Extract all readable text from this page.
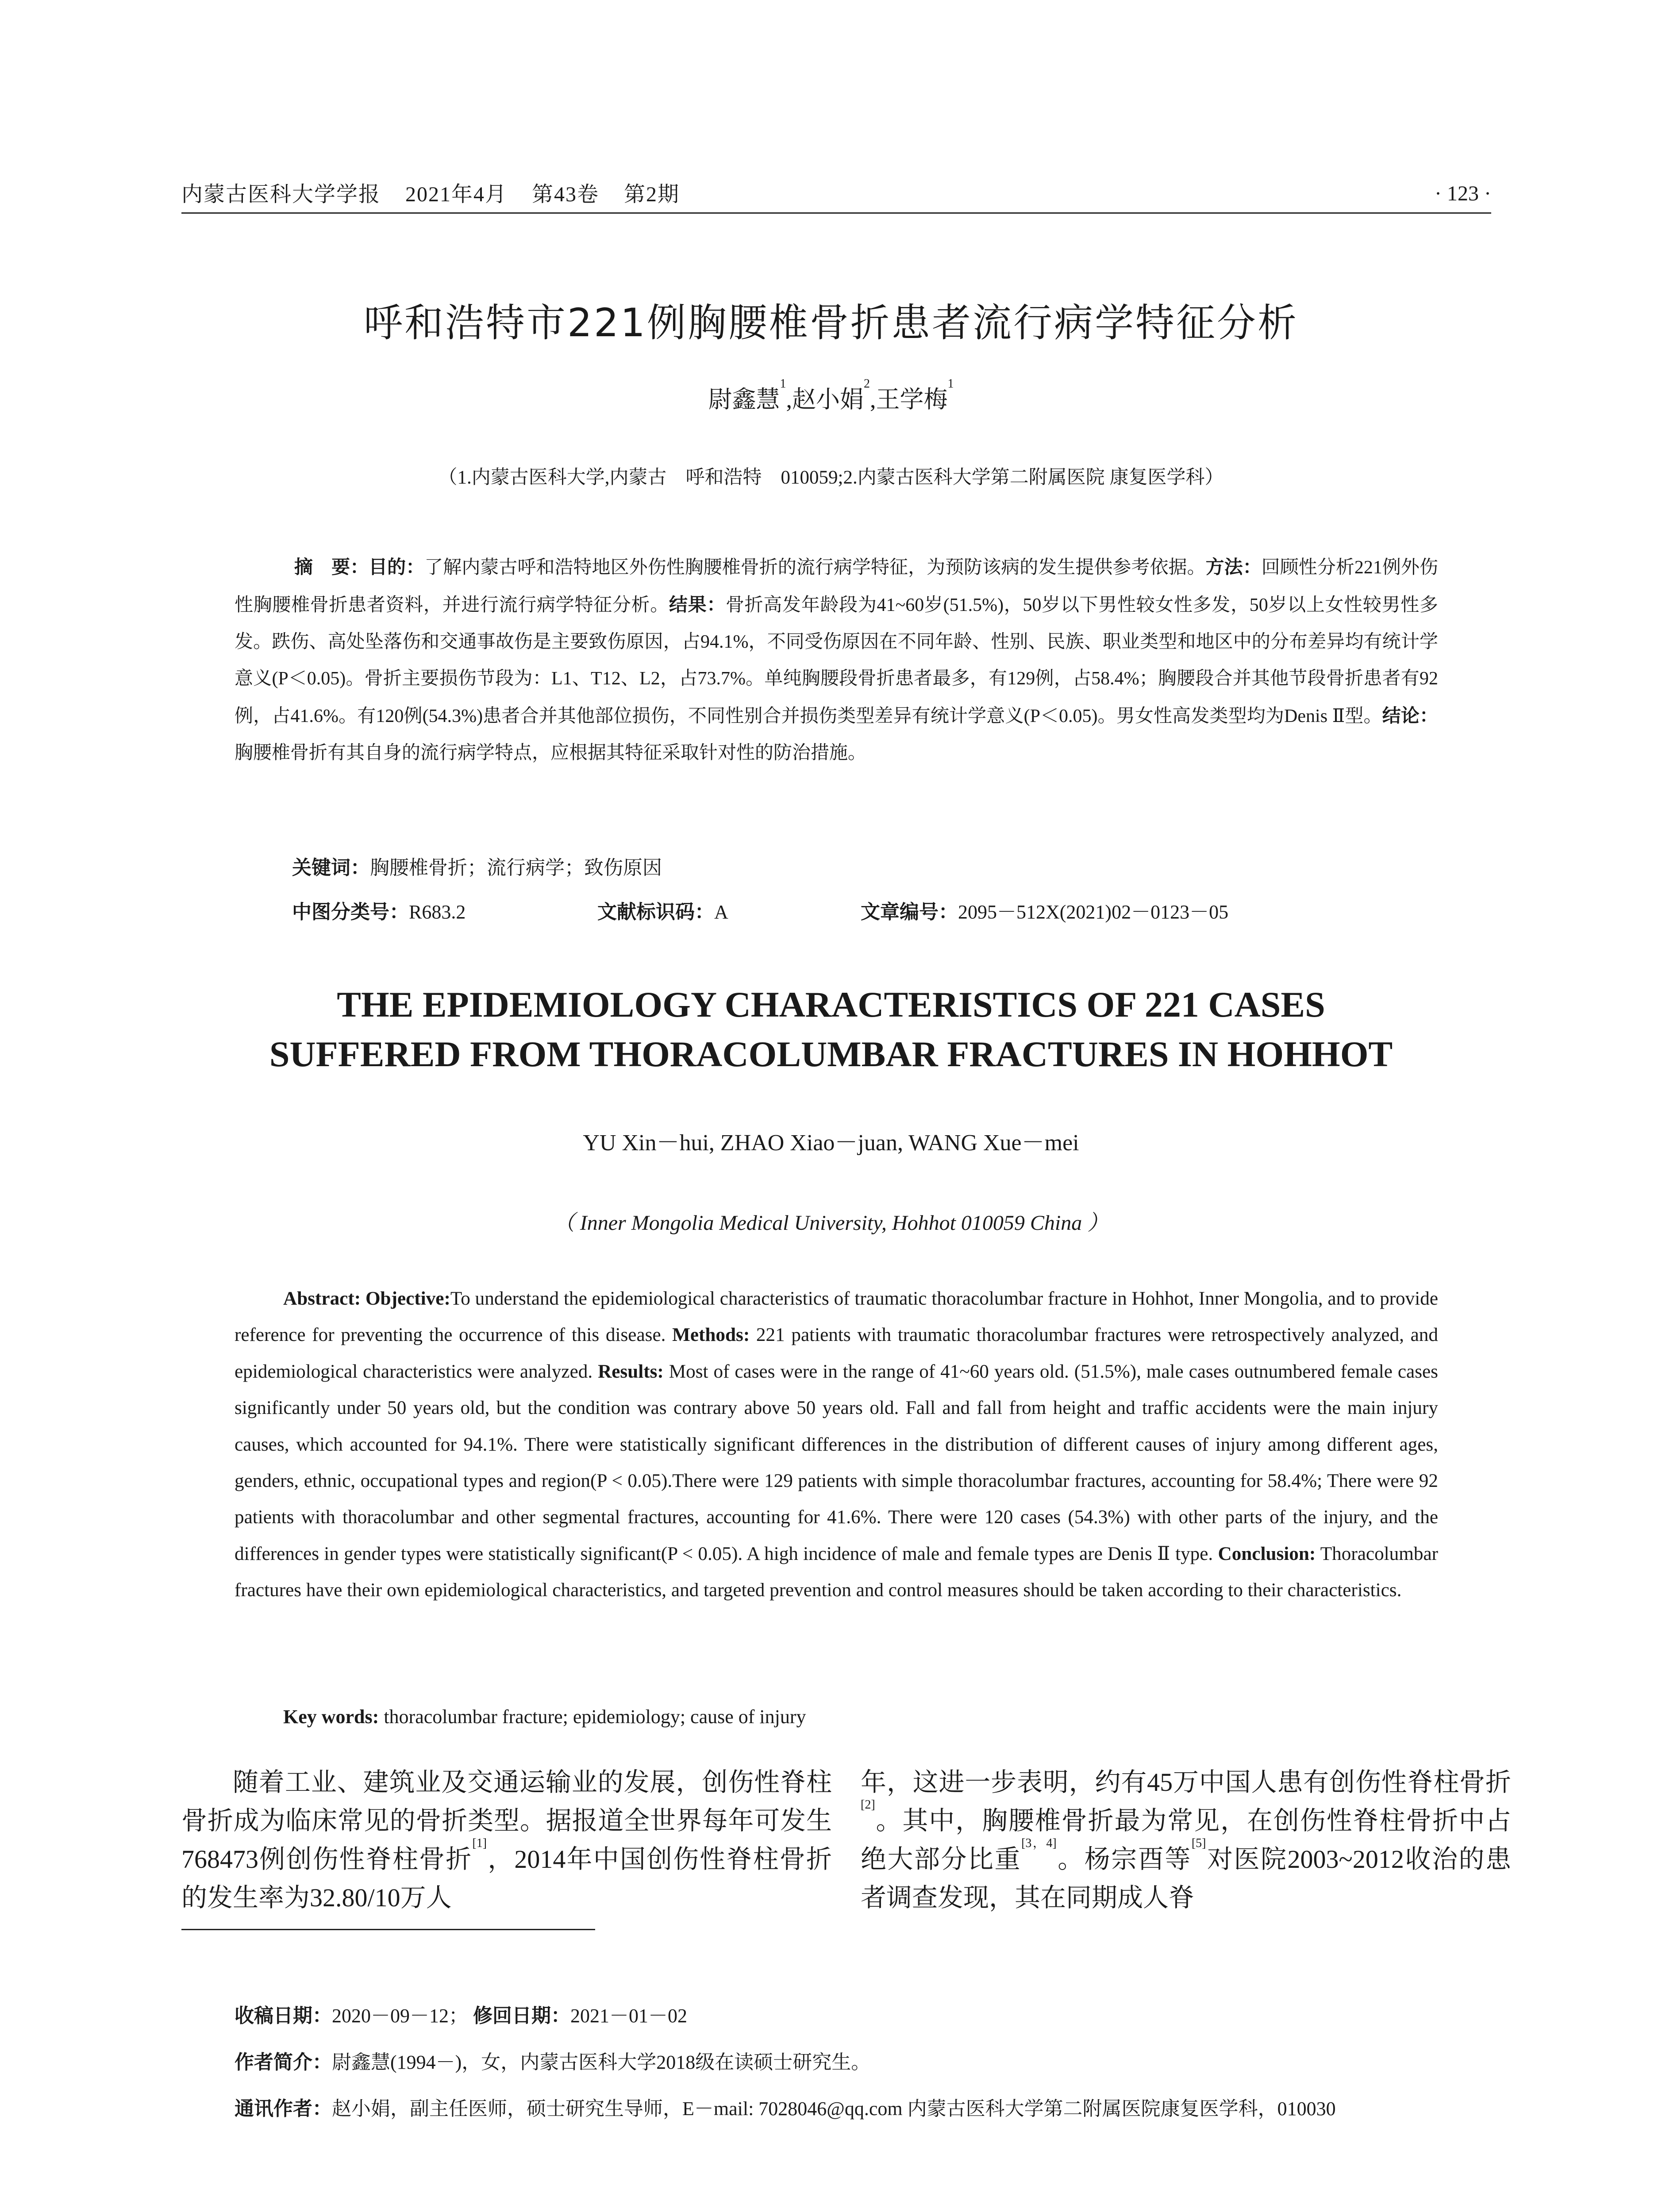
内蒙古医科大学学报 2021年4月 第43卷 第2期	· 123 ·
呼和浩特市221例胸腰椎骨折患者流行病学特征分析
尉鑫慧$^1$,赵小娟$^2$,王学梅$^1$
（1.内蒙古医科大学,内蒙古　呼和浩特　010059;2.内蒙古医科大学第二附属医院 康复医学科）
摘　要：目的：了解内蒙古呼和浩特地区外伤性胸腰椎骨折的流行病学特征，为预防该病的发生提供参考依据。方法：回顾性分析221例外伤性胸腰椎骨折患者资料，并进行流行病学特征分析。结果：骨折高发年龄段为41~60岁(51.5%)，50岁以下男性较女性多发，50岁以上女性较男性多发。跌伤、高处坠落伤和交通事故伤是主要致伤原因，占94.1%，不同受伤原因在不同年龄、性别、民族、职业类型和地区中的分布差异均有统计学意义(P＜0.05)。骨折主要损伤节段为：L1、T12、L2，占73.7%。单纯胸腰段骨折患者最多，有129例，占58.4%；胸腰段合并其他节段骨折患者有92例，占41.6%。有120例(54.3%)患者合并其他部位损伤，不同性别合并损伤类型差异有统计学意义(P＜0.05)。男女性高发类型均为Denis Ⅱ型。结论：胸腰椎骨折有其自身的流行病学特点，应根据其特征采取针对性的防治措施。
关键词：胸腰椎骨折；流行病学；致伤原因
中图分类号：R683.2	文献标识码：A	文章编号：2095－512X(2021)02－0123－05
THE EPIDEMIOLOGY CHARACTERISTICS OF 221 CASES
SUFFERED FROM THORACOLUMBAR FRACTURES IN HOHHOT
YU Xin－hui, ZHAO Xiao－juan, WANG Xue－mei
（ Inner Mongolia Medical University, Hohhot 010059 China ）
Abstract: Objective:To understand the epidemiological characteristics of traumatic thoracolumbar fracture in Hohhot, Inner Mongolia, and to provide reference for preventing the occurrence of this disease. Methods: 221 patients with traumatic thoracolumbar fractures were retrospectively analyzed, and epidemiological characteristics were analyzed. Results: Most of cases were in the range of 41~60 years old. (51.5%), male cases outnumbered female cases significantly under 50 years old, but the condition was contrary above 50 years old. Fall and fall from height and traffic accidents were the main injury causes, which accounted for 94.1%. There were statistically significant differences in the distribution of different causes of injury among different ages, genders, ethnic, occupational types and region(P < 0.05).There were 129 patients with simple thoracolumbar fractures, accounting for 58.4%; There were 92 patients with thoracolumbar and other segmental fractures, accounting for 41.6%. There were 120 cases (54.3%) with other parts of the injury, and the differences in gender types were statistically significant(P < 0.05). A high incidence of male and female types are Denis Ⅱ type. Conclusion: Thoracolumbar fractures have their own epidemiological characteristics, and targeted prevention and control measures should be taken according to their characteristics.
Key words: thoracolumbar fracture; epidemiology; cause of injury
随着工业、建筑业及交通运输业的发展，创伤性脊柱骨折成为临床常见的骨折类型。据报道全世界每年可发生768473例创伤性脊柱骨折[1]，2014年中国创伤性脊柱骨折的发生率为32.80/10万人
年，这进一步表明，约有45万中国人患有创伤性脊柱骨折[2]。其中，胸腰椎骨折最为常见，在创伤性脊柱骨折中占绝大部分比重[3，4]。杨宗酉等[5]对医院2003~2012收治的患者调查发现，其在同期成人脊
收稿日期：2020－09－12； 修回日期：2021－01－02
作者简介：尉鑫慧(1994－)，女，内蒙古医科大学2018级在读硕士研究生。
通讯作者：赵小娟，副主任医师，硕士研究生导师，E－mail: 7028046@qq.com 内蒙古医科大学第二附属医院康复医学科，010030
